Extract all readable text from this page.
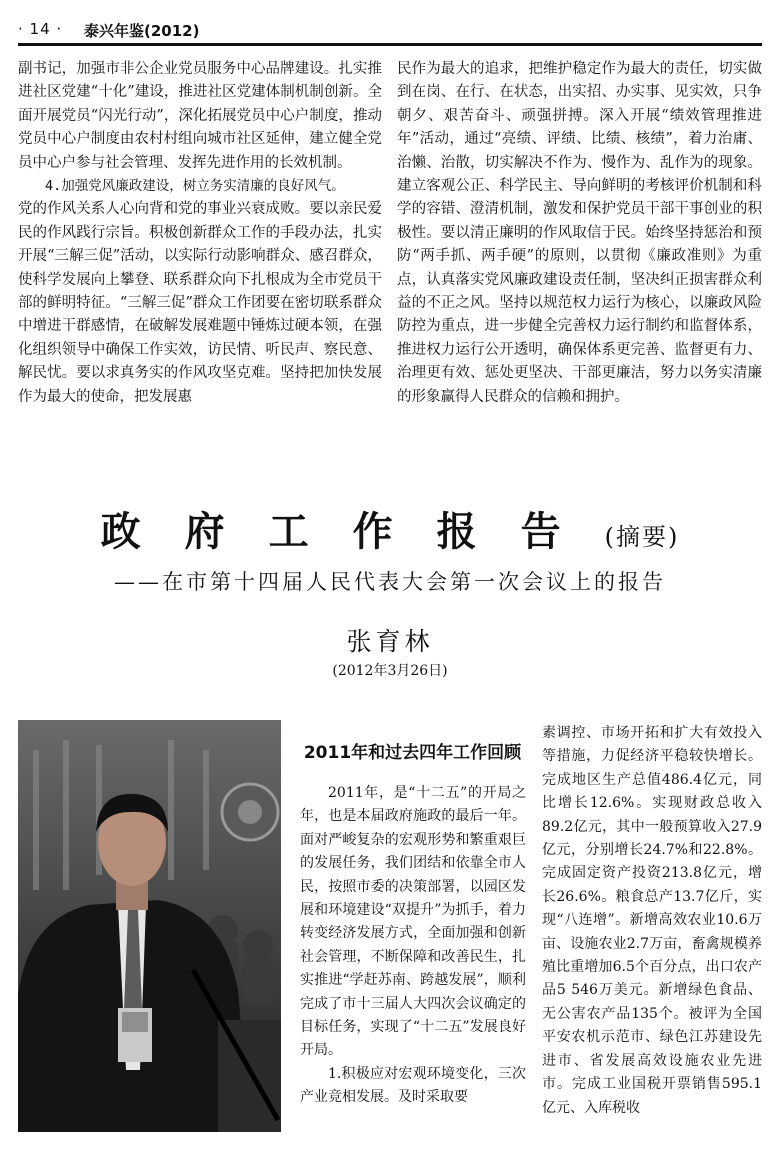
· 14 · 泰兴年鉴(2012)

副书记，加强市非公企业党员服务中心品牌建设。扎实推进社区党建“十化”建设，推进社区党建体制机制创新。全面开展党员“闪光行动”，深化拓展党员中心户制度，推动党员中心户制度由农村村组向城市社区延伸，建立健全党员中心户参与社会管理、发挥先进作用的长效机制。

4.加强党风廉政建设，树立务实清廉的良好风气。

党的作风关系人心向背和党的事业兴衰成败。要以亲民爱民的作风践行宗旨。积极创新群众工作的手段办法，扎实开展“三解三促”活动，以实际行动影响群众、感召群众，使科学发展向上攀登、联系群众向下扎根成为全市党员干部的鲜明特征。“三解三促”群众工作团要在密切联系群众中增进干群感情，在破解发展难题中锤炼过硬本领，在强化组织领导中确保工作实效，访民情、听民声、察民意、解民忧。要以求真务实的作风攻坚克难。坚持把加快发展作为最大的使命，把发展惠

民作为最大的追求，把维护稳定作为最大的责任，切实做到在岗、在行、在状态，出实招、办实事、见实效，只争朝夕、艰苦奋斗、顽强拼搏。深入开展“绩效管理推进年”活动，通过“亮绩、评绩、比绩、核绩”，着力治庸、治懒、治散，切实解决不作为、慢作为、乱作为的现象。建立客观公正、科学民主、导向鲜明的考核评价机制和科学的容错、澄清机制，激发和保护党员干部干事创业的积极性。要以清正廉明的作风取信于民。始终坚持惩治和预防“两手抓、两手硬”的原则，以贯彻《廉政准则》为重点，认真落实党风廉政建设责任制，坚决纠正损害群众利益的不正之风。坚持以规范权力运行为核心，以廉政风险防控为重点，进一步健全完善权力运行制约和监督体系，推进权力运行公开透明，确保体系更完善、监督更有力、治理更有效、惩处更坚决、干部更廉洁，努力以务实清廉的形象赢得人民群众的信赖和拥护。

政府工作报告(摘要)
——在市第十四届人民代表大会第一次会议上的报告
张育林
(2012年3月26日)
2011年和过去四年工作回顾

2011年，是“十二五”的开局之年，也是本届政府施政的最后一年。面对严峻复杂的宏观形势和繁重艰巨的发展任务，我们团结和依靠全市人民，按照市委的决策部署，以园区发展和环境建设“双提升”为抓手，着力转变经济发展方式，全面加强和创新社会管理，不断保障和改善民生，扎实推进“学赶苏南、跨越发展”，顺利完成了市十三届人大四次会议确定的目标任务，实现了“十二五”发展良好开局。

1.积极应对宏观环境变化，三次产业竞相发展。及时采取要

素调控、市场开拓和扩大有效投入等措施，力促经济平稳较快增长。完成地区生产总值486.4亿元，同比增长12.6%。实现财政总收入89.2亿元，其中一般预算收入27.9亿元，分别增长24.7%和22.8%。完成固定资产投资213.8亿元，增长26.6%。粮食总产13.7亿斤，实现“八连增”。新增高效农业10.6万亩、设施农业2.7万亩，畜禽规模养殖比重增加6.5个百分点，出口农产品5 546万美元。新增绿色食品、无公害农产品135个。被评为全国平安农机示范市、绿色江苏建设先进市、省发展高效设施农业先进市。完成工业国税开票销售595.1亿元、入库税收
